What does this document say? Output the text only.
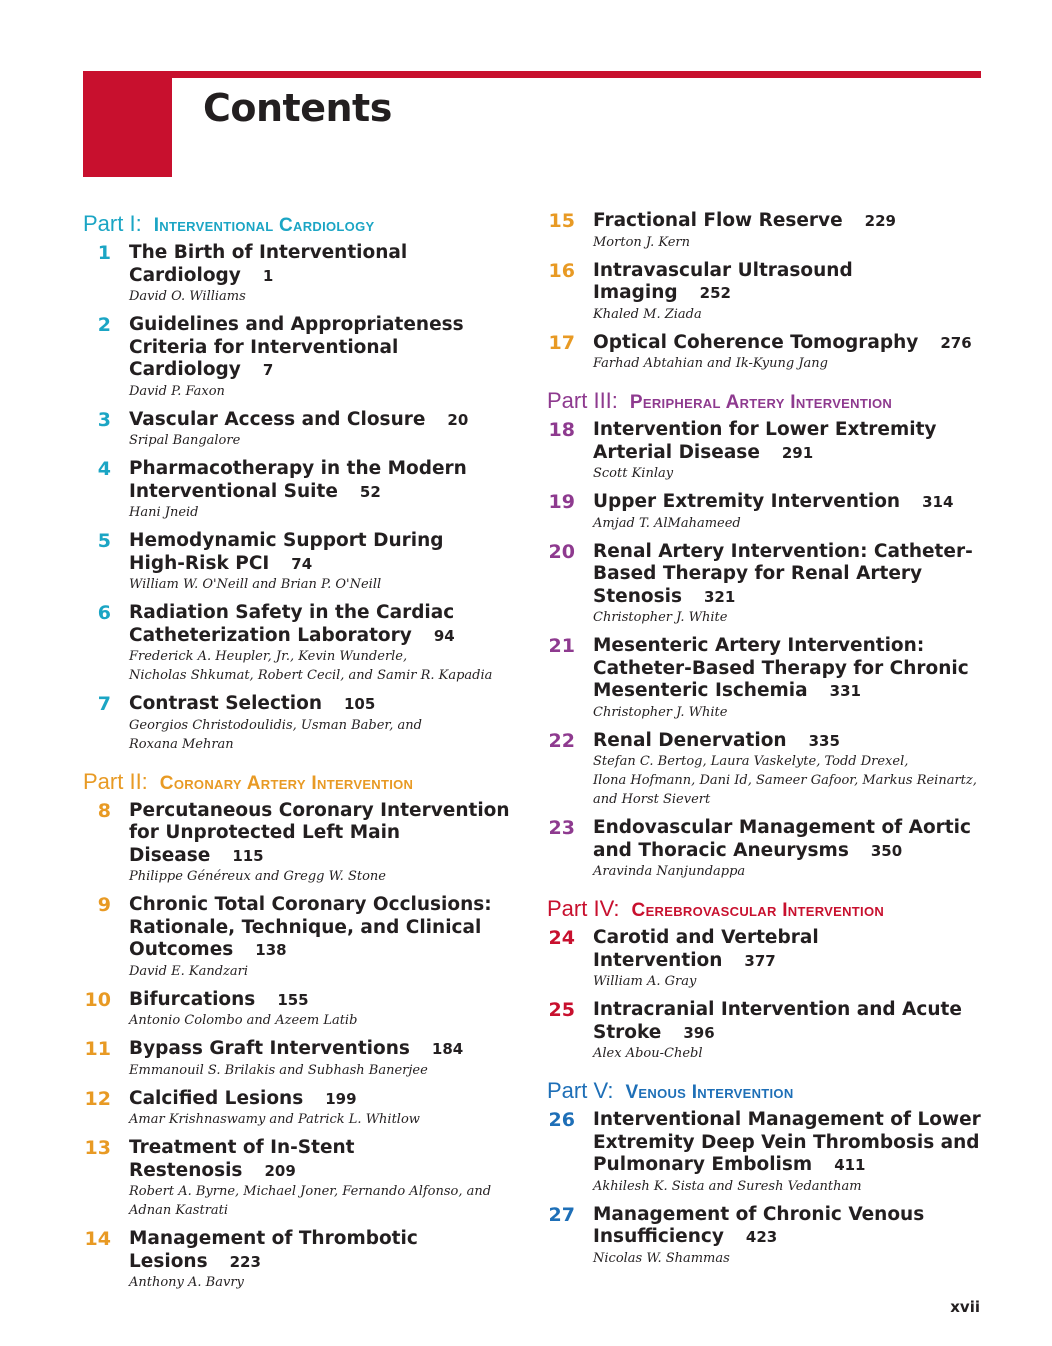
Contents
Part I: Interventional Cardiology
1 The Birth of Interventional
Cardiology 1
David O. Williams
2 Guidelines and Appropriateness
Criteria for Interventional
Cardiology 7
David P. Faxon
3 Vascular Access and Closure 20
Sripal Bangalore
4 Pharmacotherapy in the Modern
Interventional Suite 52
Hani Jneid
5 Hemodynamic Support During
High-Risk PCI 74
William W. O'Neill and Brian P. O'Neill
6 Radiation Safety in the Cardiac
Catheterization Laboratory 94
Frederick A. Heupler, Jr., Kevin Wunderle,
Nicholas Shkumat, Robert Cecil, and Samir R. Kapadia
7 Contrast Selection 105
Georgios Christodoulidis, Usman Baber, and
Roxana Mehran
Part II: Coronary Artery Intervention
8 Percutaneous Coronary Intervention
for Unprotected Left Main
Disease 115
Philippe Généreux and Gregg W. Stone
9 Chronic Total Coronary Occlusions:
Rationale, Technique, and Clinical
Outcomes 138
David E. Kandzari
10 Bifurcations 155
Antonio Colombo and Azeem Latib
11 Bypass Graft Interventions 184
Emmanouil S. Brilakis and Subhash Banerjee
12 Calcified Lesions 199
Amar Krishnaswamy and Patrick L. Whitlow
13 Treatment of In-Stent Restenosis 209
Robert A. Byrne, Michael Joner, Fernando Alfonso, and
Adnan Kastrati
14 Management of Thrombotic
Lesions 223
Anthony A. Bavry
15 Fractional Flow Reserve 229
Morton J. Kern
16 Intravascular Ultrasound
Imaging 252
Khaled M. Ziada
17 Optical Coherence Tomography 276
Farhad Abtahian and Ik-Kyung Jang
Part III: Peripheral Artery Intervention
18 Intervention for Lower Extremity
Arterial Disease 291
Scott Kinlay
19 Upper Extremity Intervention 314
Amjad T. AlMahameed
20 Renal Artery Intervention: Catheter-
Based Therapy for Renal Artery
Stenosis 321
Christopher J. White
21 Mesenteric Artery Intervention:
Catheter-Based Therapy for Chronic
Mesenteric Ischemia 331
Christopher J. White
22 Renal Denervation 335
Stefan C. Bertog, Laura Vaskelyte, Todd Drexel,
Ilona Hofmann, Dani Id, Sameer Gafoor, Markus Reinartz,
and Horst Sievert
23 Endovascular Management of Aortic
and Thoracic Aneurysms 350
Aravinda Nanjundappa
Part IV: Cerebrovascular Intervention
24 Carotid and Vertebral
Intervention 377
William A. Gray
25 Intracranial Intervention and Acute
Stroke 396
Alex Abou-Chebl
Part V: Venous Intervention
26 Interventional Management of Lower
Extremity Deep Vein Thrombosis and
Pulmonary Embolism 411
Akhilesh K. Sista and Suresh Vedantham
27 Management of Chronic Venous
Insufficiency 423
Nicolas W. Shammas
xvii
